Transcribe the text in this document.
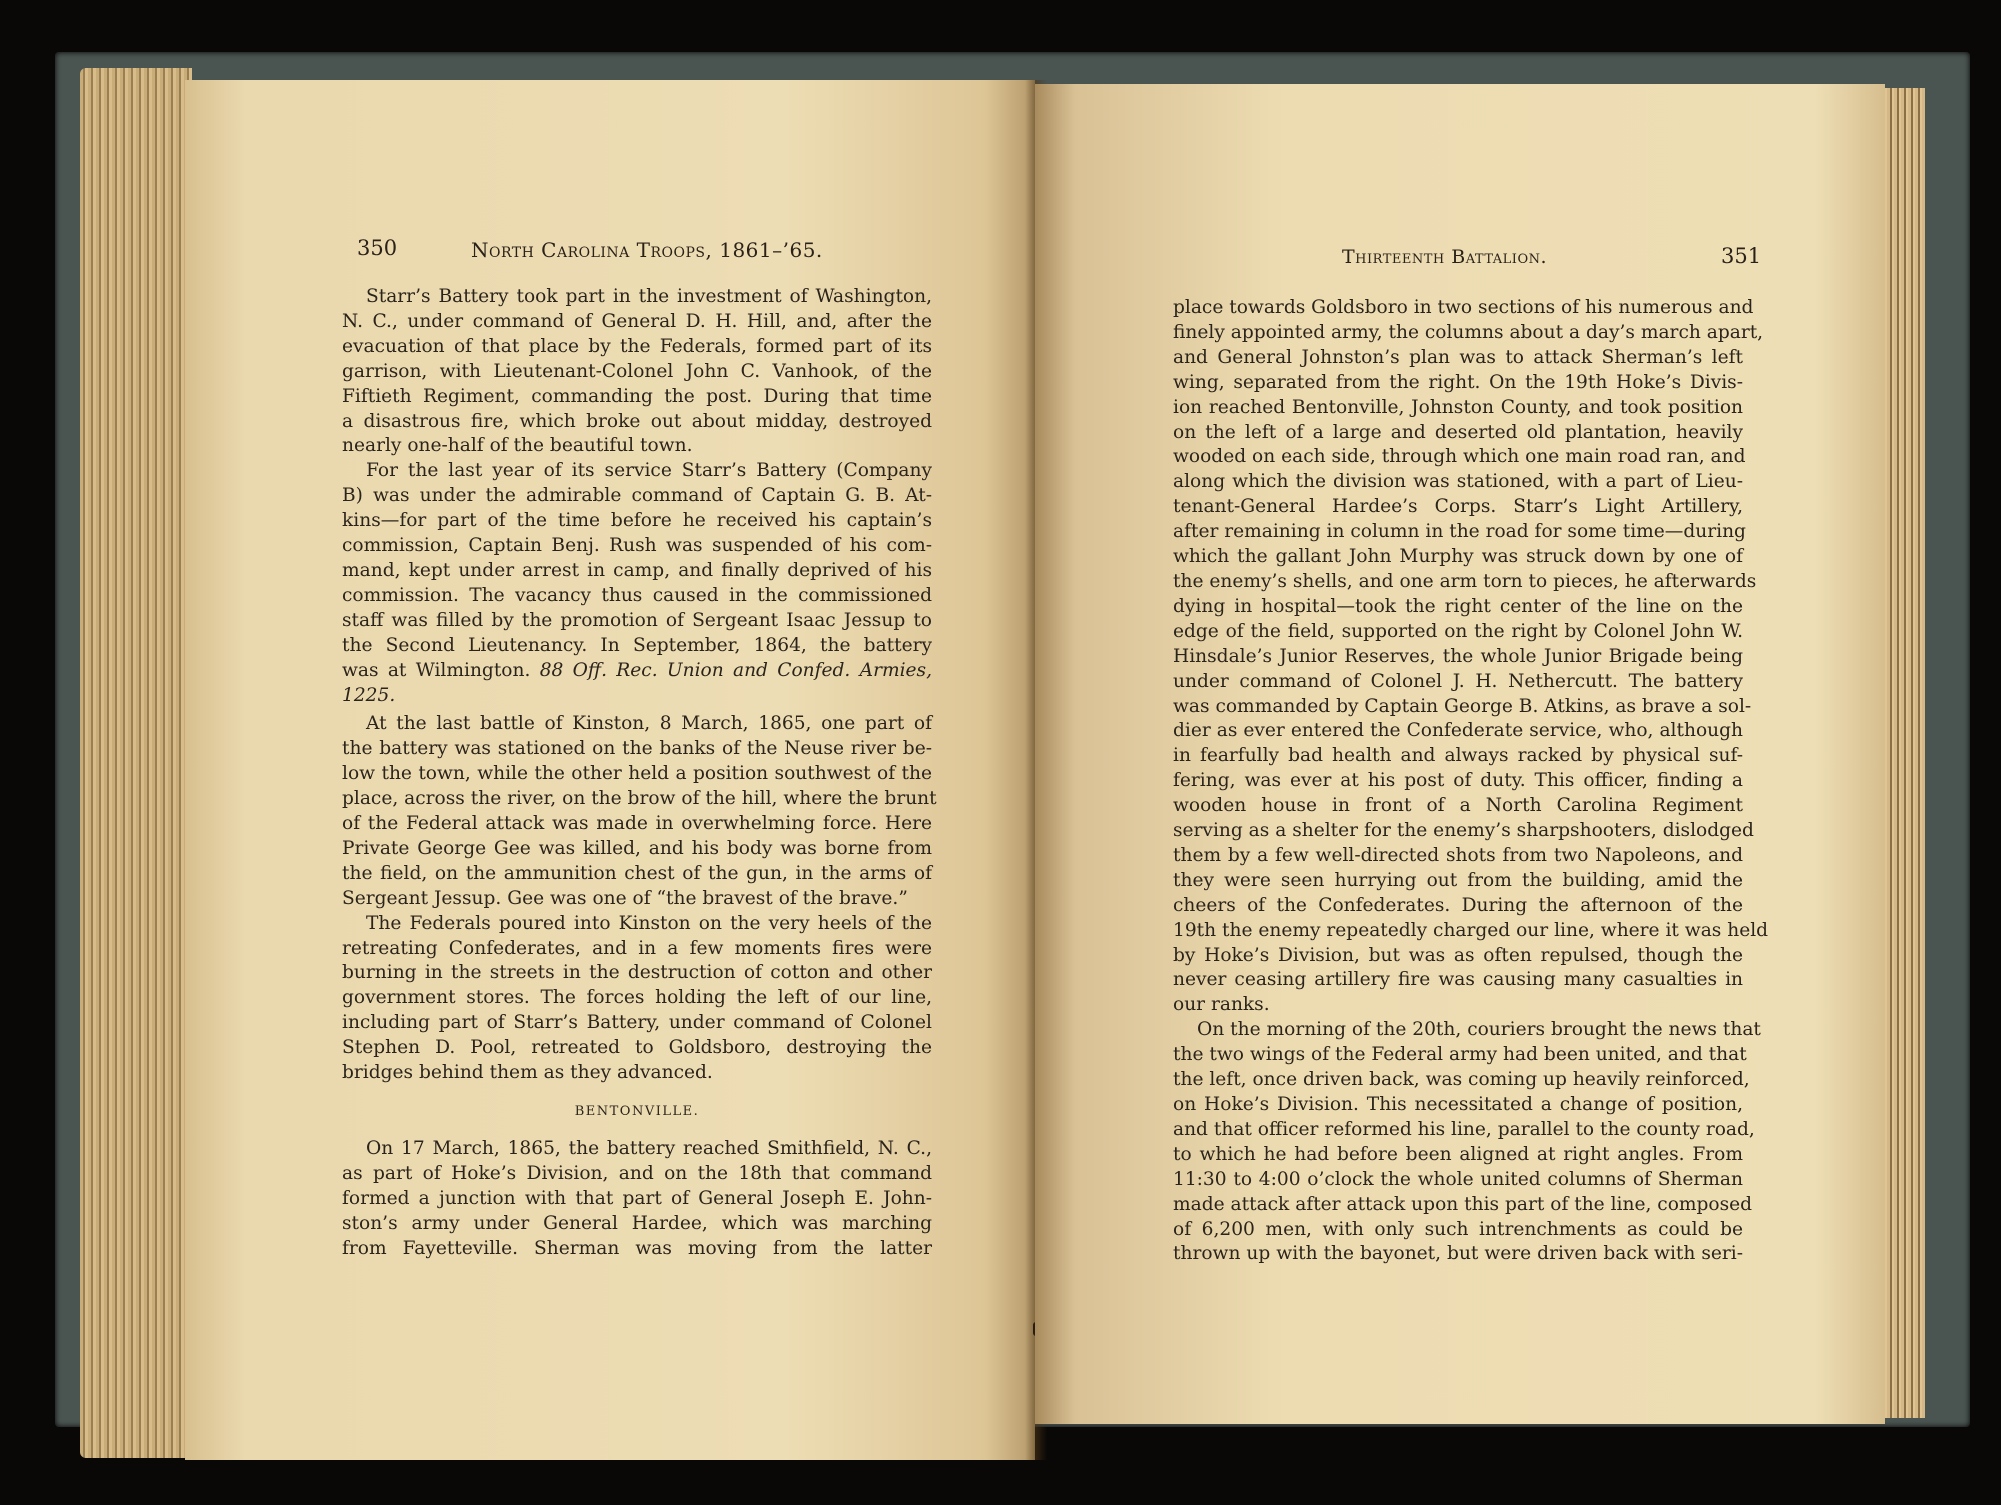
350	North Carolina Troops, 1861–’65.

Starr’s Battery took part in the investment of Washington,
N. C., under command of General D. H. Hill, and, after the
evacuation of that place by the Federals, formed part of its
garrison, with Lieutenant-Colonel John C. Vanhook, of the
Fiftieth Regiment, commanding the post. During that time
a disastrous fire, which broke out about midday, destroyed
nearly one-half of the beautiful town.

For the last year of its service Starr’s Battery (Company
B) was under the admirable command of Captain G. B. At-
kins—for part of the time before he received his captain’s
commission, Captain Benj. Rush was suspended of his com-
mand, kept under arrest in camp, and finally deprived of his
commission. The vacancy thus caused in the commissioned
staff was filled by the promotion of Sergeant Isaac Jessup to
the Second Lieutenancy. In September, 1864, the battery

was at Wilmington. 88 Off. Rec. Union and Confed. Armies,
1225.

At the last battle of Kinston, 8 March, 1865, one part of
the battery was stationed on the banks of the Neuse river be-
low the town, while the other held a position southwest of the
place, across the river, on the brow of the hill, where the brunt
of the Federal attack was made in overwhelming force. Here
Private George Gee was killed, and his body was borne from
the field, on the ammunition chest of the gun, in the arms of
Sergeant Jessup. Gee was one of “the bravest of the brave.”

The Federals poured into Kinston on the very heels of the
retreating Confederates, and in a few moments fires were
burning in the streets in the destruction of cotton and other
government stores. The forces holding the left of our line,
including part of Starr’s Battery, under command of Colonel
Stephen D. Pool, retreated to Goldsboro, destroying the
bridges behind them as they advanced.

BENTONVILLE.

On 17 March, 1865, the battery reached Smithfield, N. C.,
as part of Hoke’s Division, and on the 18th that command
formed a junction with that part of General Joseph E. John-
ston’s army under General Hardee, which was marching
from Fayetteville. Sherman was moving from the latter

Thirteenth Battalion.	351

place towards Goldsboro in two sections of his numerous and
finely appointed army, the columns about a day’s march apart,
and General Johnston’s plan was to attack Sherman’s left
wing, separated from the right. On the 19th Hoke’s Divis-
ion reached Bentonville, Johnston County, and took position
on the left of a large and deserted old plantation, heavily
wooded on each side, through which one main road ran, and
along which the division was stationed, with a part of Lieu-
tenant-General Hardee’s Corps. Starr’s Light Artillery,
after remaining in column in the road for some time—during
which the gallant John Murphy was struck down by one of
the enemy’s shells, and one arm torn to pieces, he afterwards
dying in hospital—took the right center of the line on the
edge of the field, supported on the right by Colonel John W.
Hinsdale’s Junior Reserves, the whole Junior Brigade being
under command of Colonel J. H. Nethercutt. The battery
was commanded by Captain George B. Atkins, as brave a sol-
dier as ever entered the Confederate service, who, although
in fearfully bad health and always racked by physical suf-
fering, was ever at his post of duty. This officer, finding a
wooden house in front of a North Carolina Regiment
serving as a shelter for the enemy’s sharpshooters, dislodged
them by a few well-directed shots from two Napoleons, and
they were seen hurrying out from the building, amid the
cheers of the Confederates. During the afternoon of the
19th the enemy repeatedly charged our line, where it was held
by Hoke’s Division, but was as often repulsed, though the
never ceasing artillery fire was causing many casualties in
our ranks.

On the morning of the 20th, couriers brought the news that
the two wings of the Federal army had been united, and that
the left, once driven back, was coming up heavily reinforced,
on Hoke’s Division. This necessitated a change of position,
and that officer reformed his line, parallel to the county road,
to which he had before been aligned at right angles. From
11:30 to 4:00 o’clock the whole united columns of Sherman
made attack after attack upon this part of the line, composed
of 6,200 men, with only such intrenchments as could be
thrown up with the bayonet, but were driven back with seri-
